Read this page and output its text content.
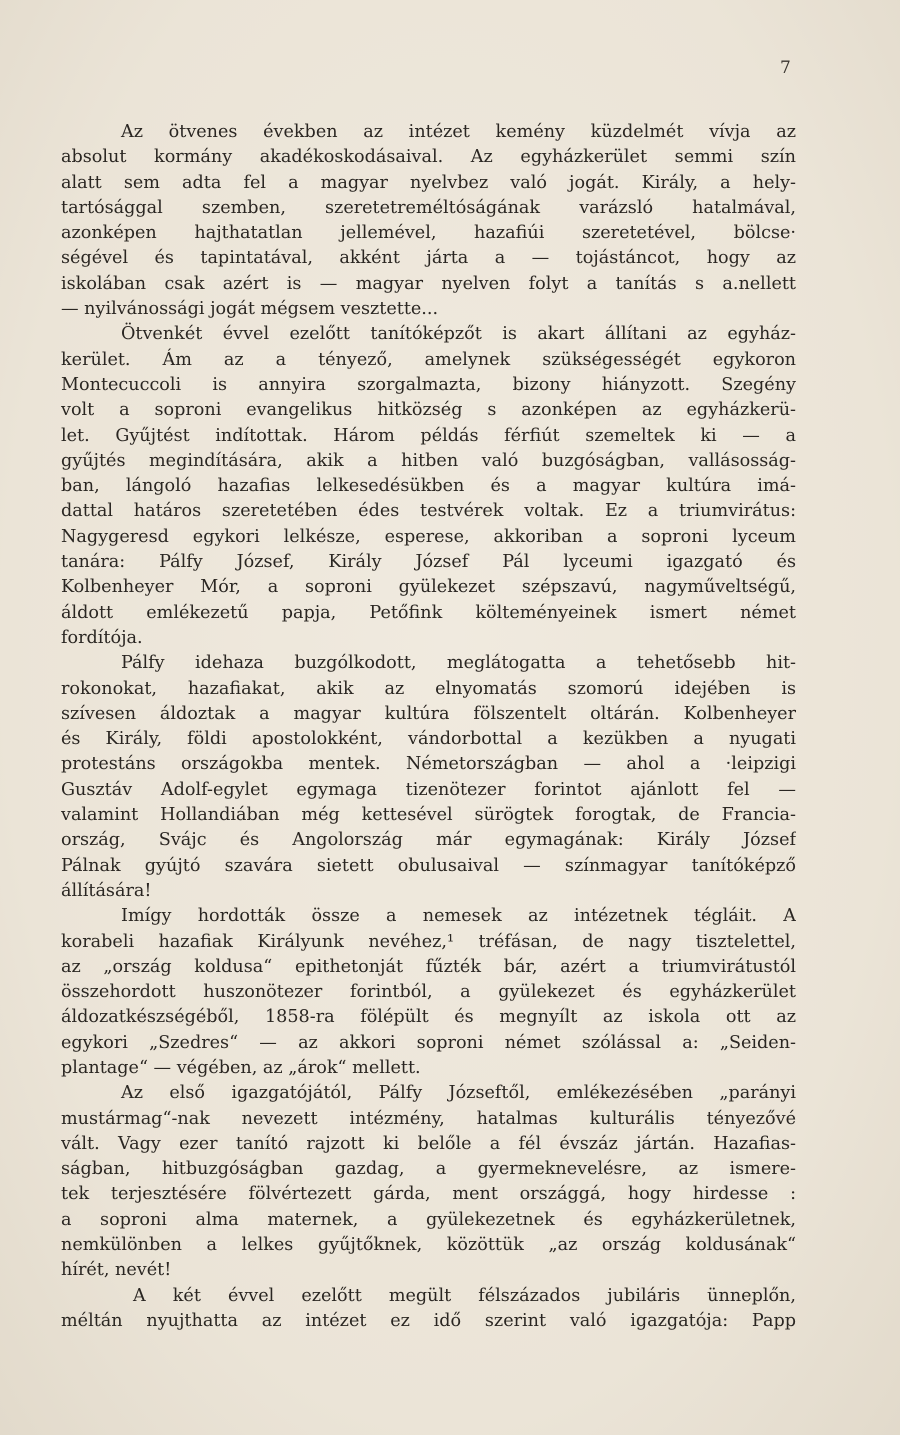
7
Az ötvenes években az intézet kemény küzdelmét vívja az
absolut kormány akadékoskodásaival. Az egyházkerület semmi szín
alatt sem adta fel a magyar nyelvbez való jogát. Király, a hely-
tartósággal szemben, szeretetreméltóságának varázsló hatalmával,
azonképen hajthatatlan jellemével, hazafiúi szeretetével, bölcse·
ségével és tapintatával, akként járta a — tojástáncot, hogy az
iskolában csak azért is — magyar nyelven folyt a tanítás s a.nellett
— nyilvánossági jogát mégsem vesztette...
Ötvenkét évvel ezelőtt tanítóképzőt is akart állítani az egyház-
kerület. Ám az a tényező, amelynek szükségességét egykoron
Montecuccoli is annyira szorgalmazta, bizony hiányzott. Szegény
volt a soproni evangelikus hitközség s azonképen az egyházkerü-
let. Gyűjtést indítottak. Három példás férfiút szemeltek ki — a
gyűjtés megindítására, akik a hitben való buzgóságban, vallásosság-
ban, lángoló hazafias lelkesedésükben és a magyar kultúra imá-
dattal határos szeretetében édes testvérek voltak. Ez a triumvirátus:
Nagygeresd egykori lelkésze, esperese, akkoriban a soproni lyceum
tanára: Pálfy József, Király József Pál lyceumi igazgató és
Kolbenheyer Mór, a soproni gyülekezet szépszavú, nagyműveltségű,
áldott emlékezetű papja, Petőfink költeményeinek ismert német
fordítója.
Pálfy idehaza buzgólkodott, meglátogatta a tehetősebb hit-
rokonokat, hazafiakat, akik az elnyomatás szomorú idejében is
szívesen áldoztak a magyar kultúra fölszentelt oltárán. Kolbenheyer
és Király, földi apostolokként, vándorbottal a kezükben a nyugati
protestáns országokba mentek. Németországban — ahol a ·leipzigi
Gusztáv Adolf-egylet egymaga tizenötezer forintot ajánlott fel —
valamint Hollandiában még kettesével sürögtek forogtak, de Francia-
ország, Svájc és Angolország már egymagának: Király József
Pálnak gyújtó szavára sietett obulusaival — színmagyar tanítóképző
állítására!
Imígy hordották össze a nemesek az intézetnek tégláit. A
korabeli hazafiak Királyunk nevéhez,¹ tréfásan, de nagy tisztelettel,
az „ország koldusa“ epithetonját fűzték bár, azért a triumvirátustól
összehordott huszonötezer forintból, a gyülekezet és egyházkerület
áldozatkészségéből, 1858-ra fölépült és megnyílt az iskola ott az
egykori „Szedres“ — az akkori soproni német szólással a: „Seiden-
plantage“ — végében, az „árok“ mellett.
Az első igazgatójától, Pálfy Józseftől, emlékezésében „parányi
mustármag“-nak nevezett intézmény, hatalmas kulturális tényezővé
vált. Vagy ezer tanító rajzott ki belőle a fél évszáz jártán. Hazafias-
ságban, hitbuzgóságban gazdag, a gyermeknevelésre, az ismere-
tek terjesztésére fölvértezett gárda, ment országgá, hogy hirdesse :
a soproni alma maternek, a gyülekezetnek és egyházkerületnek,
nemkülönben a lelkes gyűjtőknek, közöttük „az ország koldusának“
hírét, nevét!
A két évvel ezelőtt megült félszázados jubiláris ünneplőn,
méltán nyujthatta az intézet ez idő szerint való igazgatója: Papp
